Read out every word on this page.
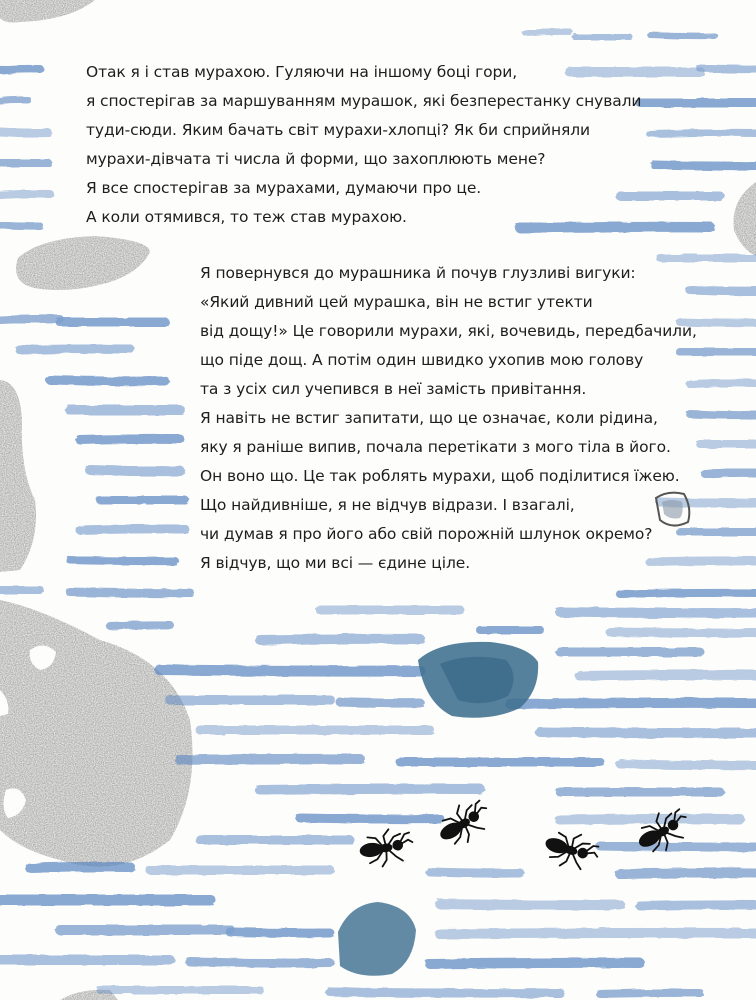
Отак я і став мурахою. Гуляючи на іншому боці гори,
я спостерігав за маршуванням мурашок, які безперестанку снували
туди-сюди. Яким бачать світ мурахи-хлопці? Як би сприйняли
мурахи-дівчата ті числа й форми, що захоплюють мене?
Я все спостерігав за мурахами, думаючи про це.
А коли отямився, то теж став мурахою.
Я повернувся до мурашника й почув глузливі вигуки:
«Який дивний цей мурашка, він не встиг утекти
від дощу!» Це говорили мурахи, які, вочевидь, передбачили,
що піде дощ. А потім один швидко ухопив мою голову
та з усіх сил учепився в неї замість привітання.
Я навіть не встиг запитати, що це означає, коли рідина,
яку я раніше випив, почала перетікати з мого тіла в його.
Он воно що. Це так роблять мурахи, щоб поділитися їжею.
Що найдивніше, я не відчув відрази. І взагалі,
чи думав я про його або свій порожній шлунок окремо?
Я відчув, що ми всі — єдине ціле.
